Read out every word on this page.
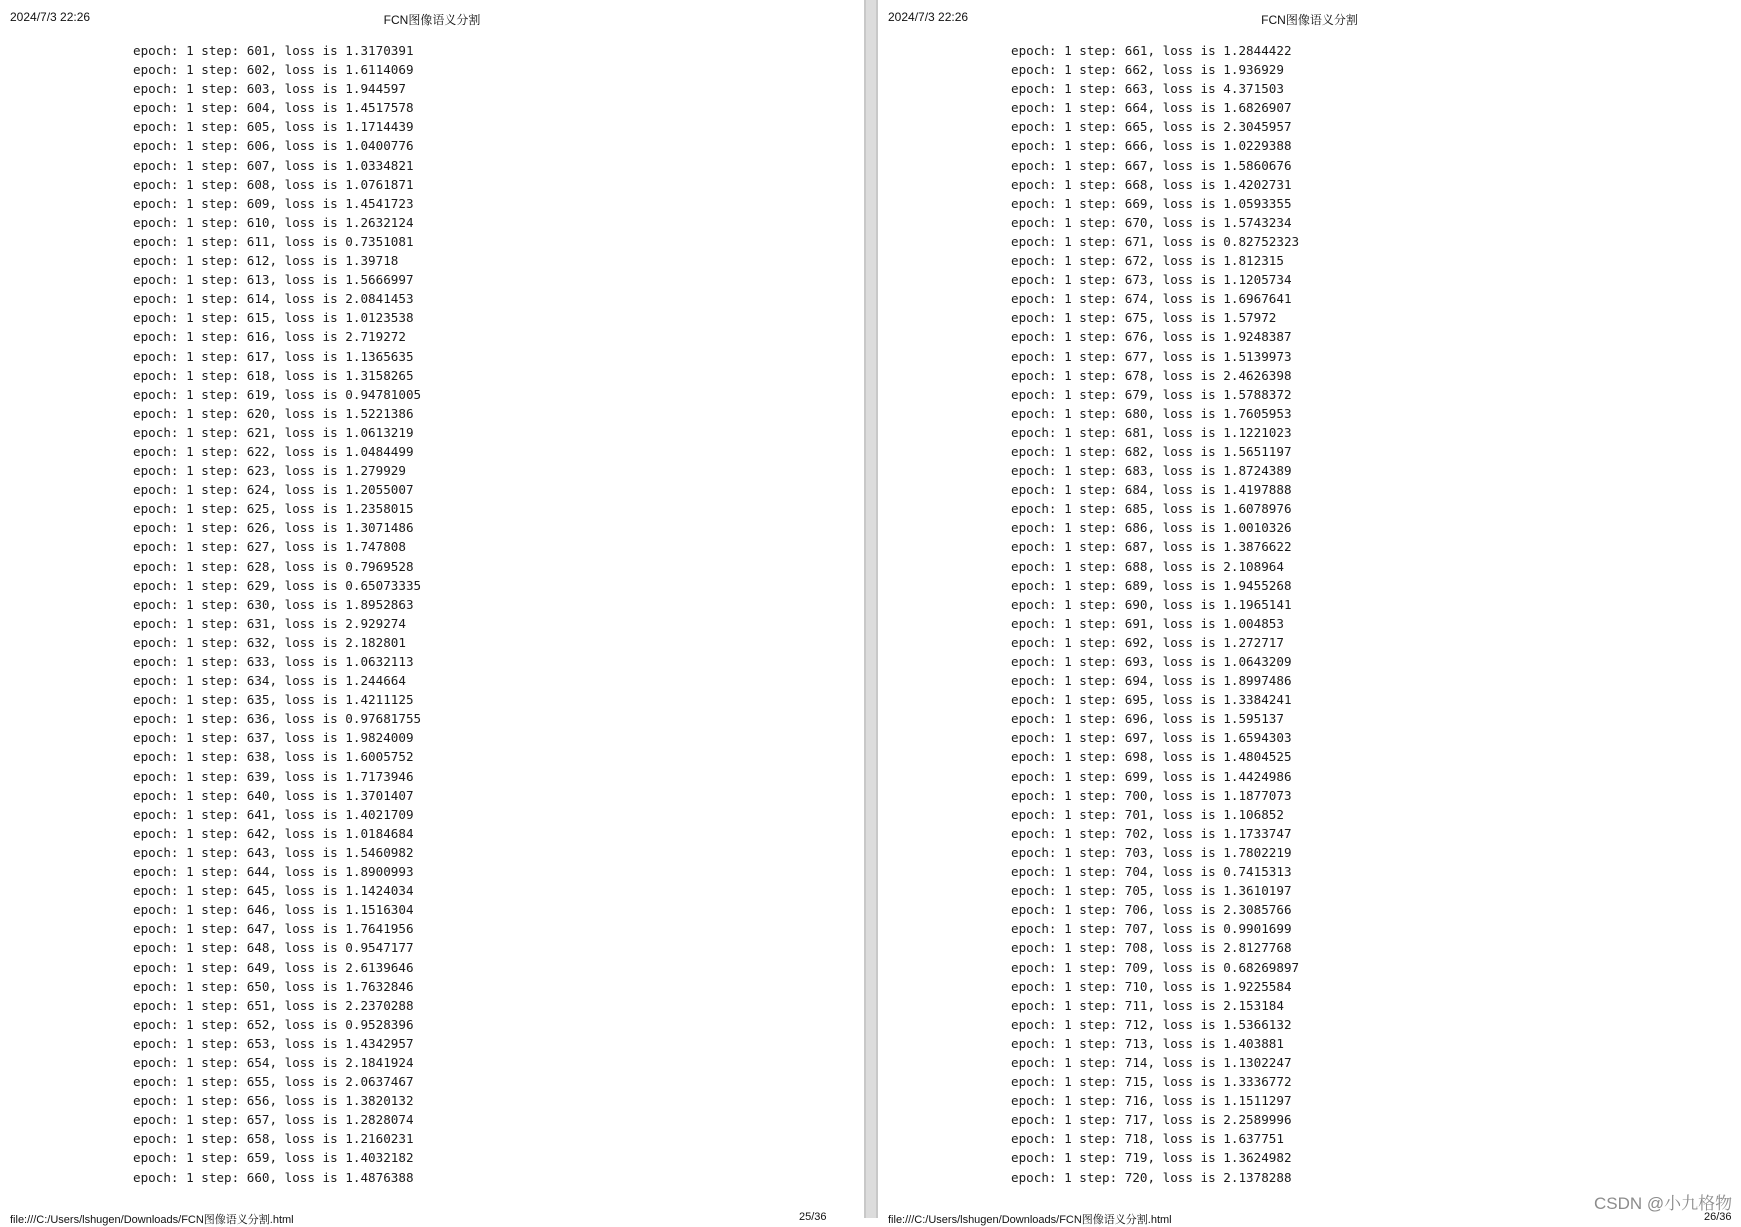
2024/7/3 22:26	FCN图像语义分割
epoch: 1 step: 601, loss is 1.3170391
epoch: 1 step: 602, loss is 1.6114069
epoch: 1 step: 603, loss is 1.944597
epoch: 1 step: 604, loss is 1.4517578
epoch: 1 step: 605, loss is 1.1714439
epoch: 1 step: 606, loss is 1.0400776
epoch: 1 step: 607, loss is 1.0334821
epoch: 1 step: 608, loss is 1.0761871
epoch: 1 step: 609, loss is 1.4541723
epoch: 1 step: 610, loss is 1.2632124
epoch: 1 step: 611, loss is 0.7351081
epoch: 1 step: 612, loss is 1.39718
epoch: 1 step: 613, loss is 1.5666997
epoch: 1 step: 614, loss is 2.0841453
epoch: 1 step: 615, loss is 1.0123538
epoch: 1 step: 616, loss is 2.719272
epoch: 1 step: 617, loss is 1.1365635
epoch: 1 step: 618, loss is 1.3158265
epoch: 1 step: 619, loss is 0.94781005
epoch: 1 step: 620, loss is 1.5221386
epoch: 1 step: 621, loss is 1.0613219
epoch: 1 step: 622, loss is 1.0484499
epoch: 1 step: 623, loss is 1.279929
epoch: 1 step: 624, loss is 1.2055007
epoch: 1 step: 625, loss is 1.2358015
epoch: 1 step: 626, loss is 1.3071486
epoch: 1 step: 627, loss is 1.747808
epoch: 1 step: 628, loss is 0.7969528
epoch: 1 step: 629, loss is 0.65073335
epoch: 1 step: 630, loss is 1.8952863
epoch: 1 step: 631, loss is 2.929274
epoch: 1 step: 632, loss is 2.182801
epoch: 1 step: 633, loss is 1.0632113
epoch: 1 step: 634, loss is 1.244664
epoch: 1 step: 635, loss is 1.4211125
epoch: 1 step: 636, loss is 0.97681755
epoch: 1 step: 637, loss is 1.9824009
epoch: 1 step: 638, loss is 1.6005752
epoch: 1 step: 639, loss is 1.7173946
epoch: 1 step: 640, loss is 1.3701407
epoch: 1 step: 641, loss is 1.4021709
epoch: 1 step: 642, loss is 1.0184684
epoch: 1 step: 643, loss is 1.5460982
epoch: 1 step: 644, loss is 1.8900993
epoch: 1 step: 645, loss is 1.1424034
epoch: 1 step: 646, loss is 1.1516304
epoch: 1 step: 647, loss is 1.7641956
epoch: 1 step: 648, loss is 0.9547177
epoch: 1 step: 649, loss is 2.6139646
epoch: 1 step: 650, loss is 1.7632846
epoch: 1 step: 651, loss is 2.2370288
epoch: 1 step: 652, loss is 0.9528396
epoch: 1 step: 653, loss is 1.4342957
epoch: 1 step: 654, loss is 2.1841924
epoch: 1 step: 655, loss is 2.0637467
epoch: 1 step: 656, loss is 1.3820132
epoch: 1 step: 657, loss is 1.2828074
epoch: 1 step: 658, loss is 1.2160231
epoch: 1 step: 659, loss is 1.4032182
epoch: 1 step: 660, loss is 1.4876388
file:///C:/Users/lshugen/Downloads/FCN图像语义分割.html	25/36
2024/7/3 22:26	FCN图像语义分割
epoch: 1 step: 661, loss is 1.2844422
epoch: 1 step: 662, loss is 1.936929
epoch: 1 step: 663, loss is 4.371503
epoch: 1 step: 664, loss is 1.6826907
epoch: 1 step: 665, loss is 2.3045957
epoch: 1 step: 666, loss is 1.0229388
epoch: 1 step: 667, loss is 1.5860676
epoch: 1 step: 668, loss is 1.4202731
epoch: 1 step: 669, loss is 1.0593355
epoch: 1 step: 670, loss is 1.5743234
epoch: 1 step: 671, loss is 0.82752323
epoch: 1 step: 672, loss is 1.812315
epoch: 1 step: 673, loss is 1.1205734
epoch: 1 step: 674, loss is 1.6967641
epoch: 1 step: 675, loss is 1.57972
epoch: 1 step: 676, loss is 1.9248387
epoch: 1 step: 677, loss is 1.5139973
epoch: 1 step: 678, loss is 2.4626398
epoch: 1 step: 679, loss is 1.5788372
epoch: 1 step: 680, loss is 1.7605953
epoch: 1 step: 681, loss is 1.1221023
epoch: 1 step: 682, loss is 1.5651197
epoch: 1 step: 683, loss is 1.8724389
epoch: 1 step: 684, loss is 1.4197888
epoch: 1 step: 685, loss is 1.6078976
epoch: 1 step: 686, loss is 1.0010326
epoch: 1 step: 687, loss is 1.3876622
epoch: 1 step: 688, loss is 2.108964
epoch: 1 step: 689, loss is 1.9455268
epoch: 1 step: 690, loss is 1.1965141
epoch: 1 step: 691, loss is 1.004853
epoch: 1 step: 692, loss is 1.272717
epoch: 1 step: 693, loss is 1.0643209
epoch: 1 step: 694, loss is 1.8997486
epoch: 1 step: 695, loss is 1.3384241
epoch: 1 step: 696, loss is 1.595137
epoch: 1 step: 697, loss is 1.6594303
epoch: 1 step: 698, loss is 1.4804525
epoch: 1 step: 699, loss is 1.4424986
epoch: 1 step: 700, loss is 1.1877073
epoch: 1 step: 701, loss is 1.106852
epoch: 1 step: 702, loss is 1.1733747
epoch: 1 step: 703, loss is 1.7802219
epoch: 1 step: 704, loss is 0.7415313
epoch: 1 step: 705, loss is 1.3610197
epoch: 1 step: 706, loss is 2.3085766
epoch: 1 step: 707, loss is 0.9901699
epoch: 1 step: 708, loss is 2.8127768
epoch: 1 step: 709, loss is 0.68269897
epoch: 1 step: 710, loss is 1.9225584
epoch: 1 step: 711, loss is 2.153184
epoch: 1 step: 712, loss is 1.5366132
epoch: 1 step: 713, loss is 1.403881
epoch: 1 step: 714, loss is 1.1302247
epoch: 1 step: 715, loss is 1.3336772
epoch: 1 step: 716, loss is 1.1511297
epoch: 1 step: 717, loss is 2.2589996
epoch: 1 step: 718, loss is 1.637751
epoch: 1 step: 719, loss is 1.3624982
epoch: 1 step: 720, loss is 2.1378288
file:///C:/Users/lshugen/Downloads/FCN图像语义分割.html	26/36
CSDN @小九格物
